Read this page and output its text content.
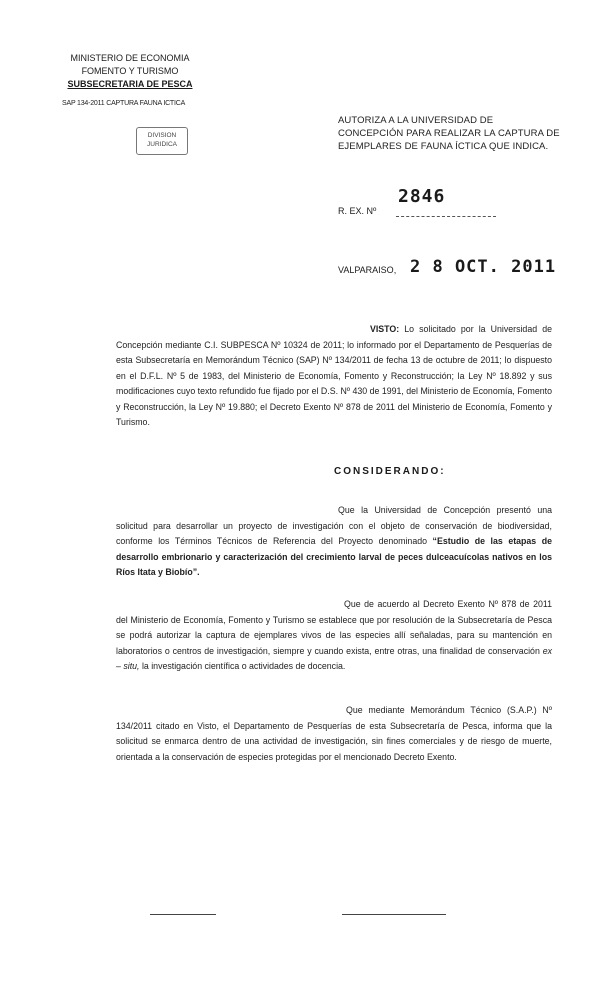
MINISTERIO DE ECONOMIA
FOMENTO Y TURISMO
SUBSECRETARIA DE PESCA
SAP 134-2011 CAPTURA FAUNA ICTICA
DIVISION
JURIDICA
AUTORIZA A LA UNIVERSIDAD DE CONCEPCIÓN PARA REALIZAR LA CAPTURA DE EJEMPLARES DE FAUNA ÍCTICA QUE INDICA.
2846
R. EX. Nº
VALPARAISO, 2 8 OCT. 2011
VISTO: Lo solicitado por la Universidad de Concepción mediante C.I. SUBPESCA Nº 10324 de 2011; lo informado por el Departamento de Pesquerías de esta Subsecretaría en Memorándum Técnico (SAP) Nº 134/2011 de fecha 13 de octubre de 2011; lo dispuesto en el D.F.L. Nº 5 de 1983, del Ministerio de Economía, Fomento y Reconstrucción; la Ley Nº 18.892 y sus modificaciones cuyo texto refundido fue fijado por el D.S. Nº 430 de 1991, del Ministerio de Economía, Fomento y Reconstrucción, la Ley Nº 19.880; el Decreto Exento Nº 878 de 2011 del Ministerio de Economía, Fomento y Turismo.
CONSIDERANDO:
Que la Universidad de Concepción presentó una solicitud para desarrollar un proyecto de investigación con el objeto de conservación de biodiversidad, conforme los Términos Técnicos de Referencia del Proyecto denominado “Estudio de las etapas de desarrollo embrionario y caracterización del crecimiento larval de peces dulceacuícolas nativos en los Ríos Itata y Biobío”.
Que de acuerdo al Decreto Exento Nº 878 de 2011 del Ministerio de Economía, Fomento y Turismo se establece que por resolución de la Subsecretaría de Pesca se podrá autorizar la captura de ejemplares vivos de las especies allí señaladas, para su mantención en laboratorios o centros de investigación, siempre y cuando exista, entre otras, una finalidad de conservación ex – situ, la investigación científica o actividades de docencia.
Que mediante Memorándum Técnico (S.A.P.) Nº 134/2011 citado en Visto, el Departamento de Pesquerías de esta Subsecretaría de Pesca, informa que la solicitud se enmarca dentro de una actividad de investigación, sin fines comerciales y de riesgo de muerte, orientada a la conservación de especies protegidas por el mencionado Decreto Exento.
